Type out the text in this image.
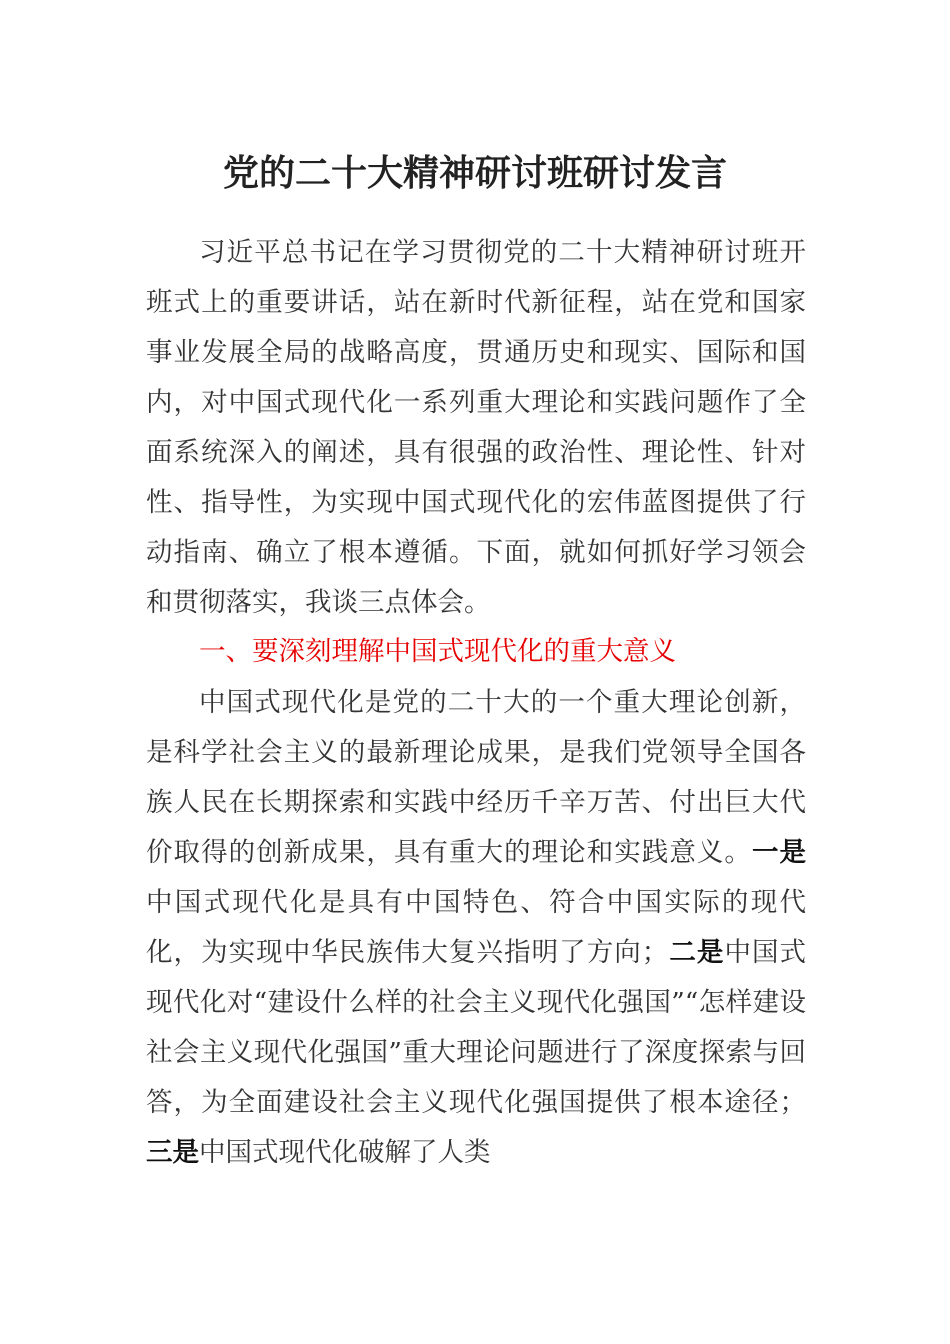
党的二十大精神研讨班研讨发言

习近平总书记在学习贯彻党的二十大精神研讨班开班式上的重要讲话，站在新时代新征程，站在党和国家事业发展全局的战略高度，贯通历史和现实、国际和国内，对中国式现代化一系列重大理论和实践问题作了全面系统深入的阐述，具有很强的政治性、理论性、针对性、指导性，为实现中国式现代化的宏伟蓝图提供了行动指南、确立了根本遵循。下面，就如何抓好学习领会和贯彻落实，我谈三点体会。

一、要深刻理解中国式现代化的重大意义

中国式现代化是党的二十大的一个重大理论创新，是科学社会主义的最新理论成果，是我们党领导全国各族人民在长期探索和实践中经历千辛万苦、付出巨大代价取得的创新成果，具有重大的理论和实践意义。一是中国式现代化是具有中国特色、符合中国实际的现代化，为实现中华民族伟大复兴指明了方向；二是中国式现代化对“建设什么样的社会主义现代化强国”“怎样建设社会主义现代化强国”重大理论问题进行了深度探索与回答，为全面建设社会主义现代化强国提供了根本途径；三是中国式现代化破解了人类
